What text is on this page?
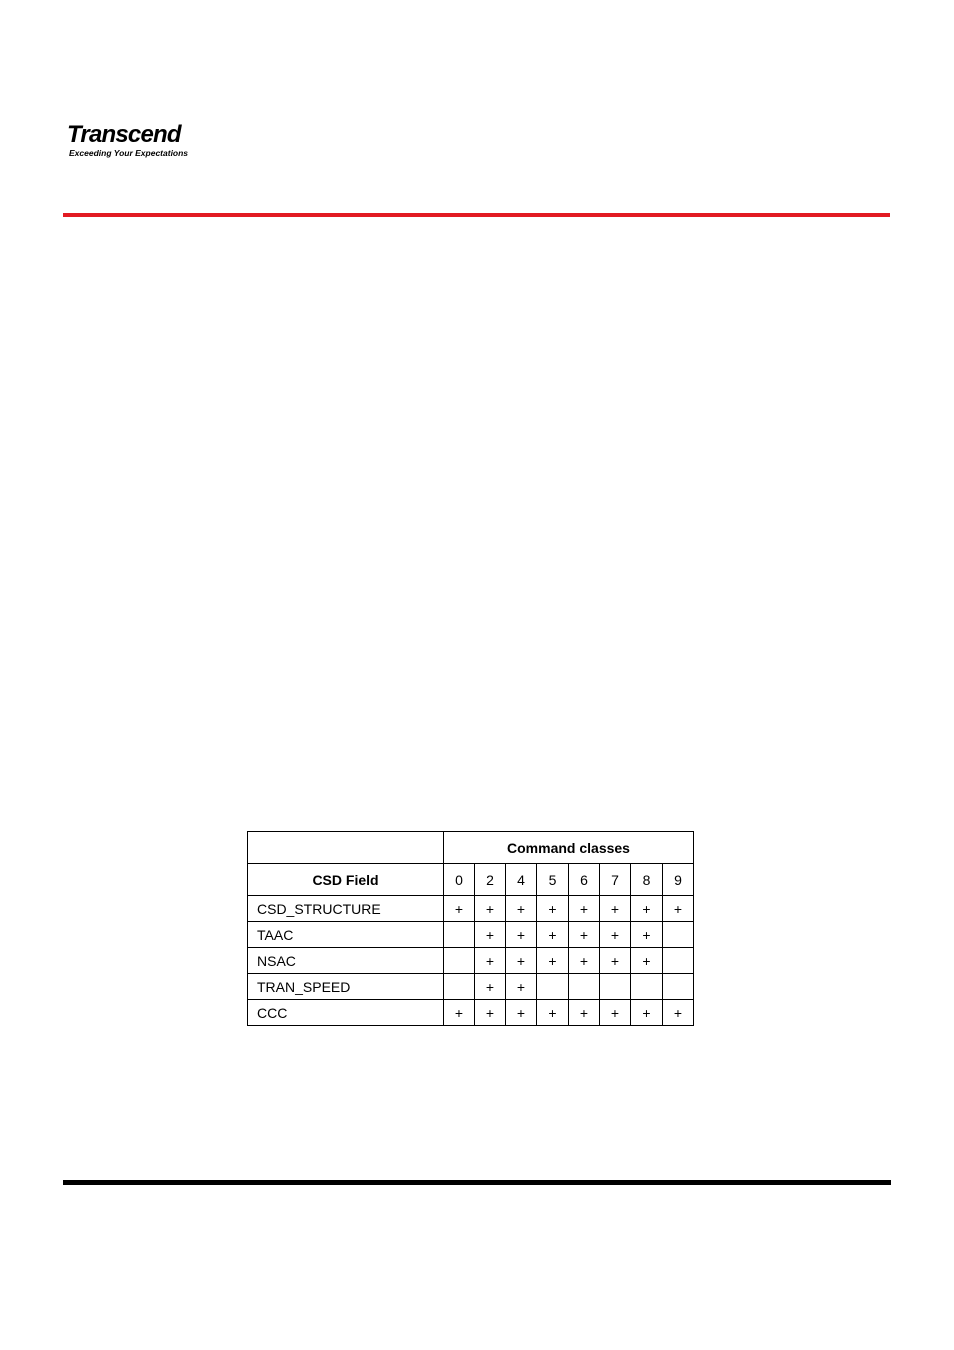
Transcend
Exceeding Your Expectations
	Command classes							
CSD Field	0	2	4	5	6	7	8	9
CSD_STRUCTURE	+	+	+	+	+	+	+	+
TAAC		+	+	+	+	+	+	
NSAC		+	+	+	+	+	+	
TRAN_SPEED		+	+					
CCC	+	+	+	+	+	+	+	+
